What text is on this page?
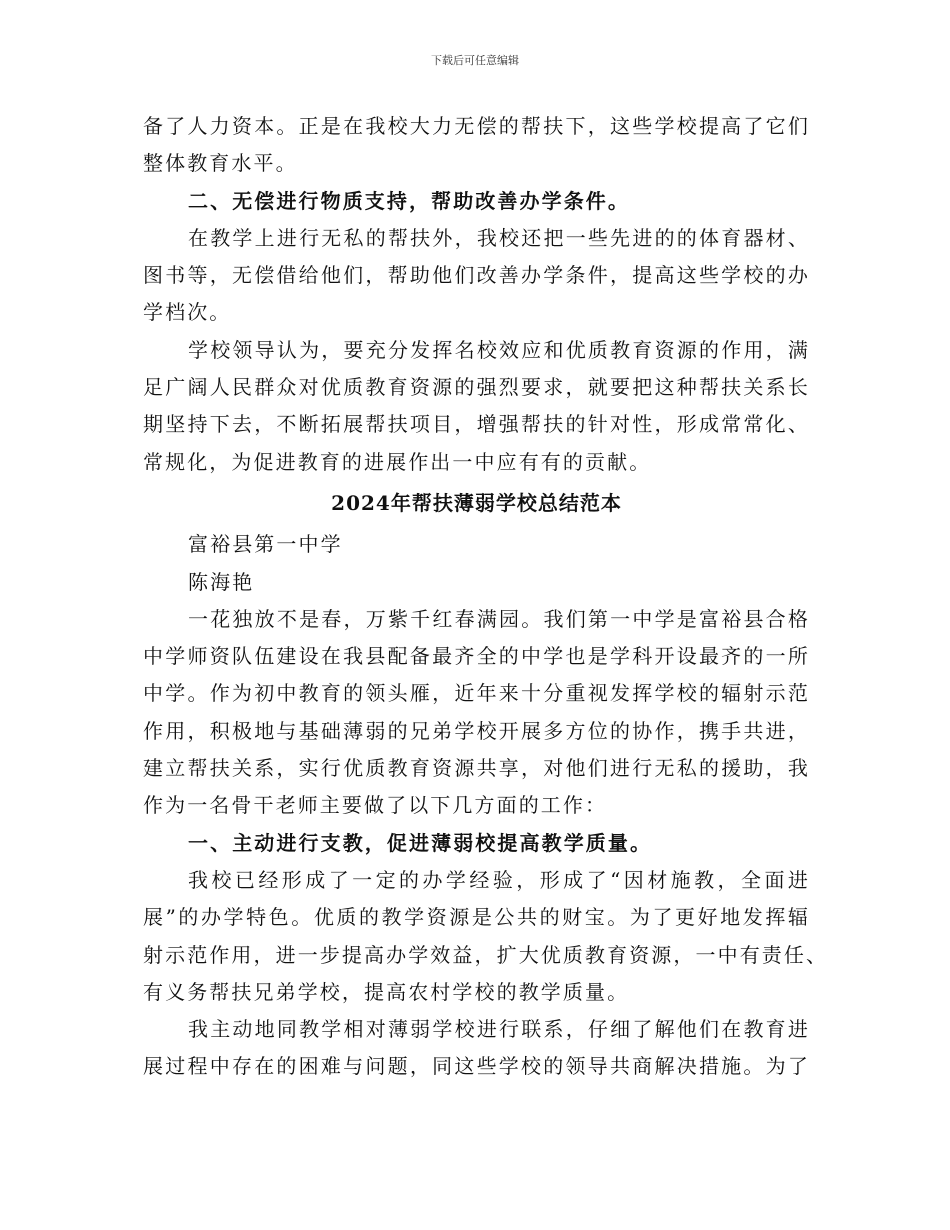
下载后可任意编辑
备了人力资本。正是在我校大力无偿的帮扶下，这些学校提高了它们
整体教育水平。
二、无偿进行物质支持，帮助改善办学条件。
在教学上进行无私的帮扶外，我校还把一些先进的的体育器材、
图书等，无偿借给他们，帮助他们改善办学条件，提高这些学校的办
学档次。
学校领导认为，要充分发挥名校效应和优质教育资源的作用，满
足广阔人民群众对优质教育资源的强烈要求，就要把这种帮扶关系长
期坚持下去，不断拓展帮扶项目，增强帮扶的针对性，形成常常化、
常规化，为促进教育的进展作出一中应有有的贡献。
2024年帮扶薄弱学校总结范本
富裕县第一中学
陈海艳
一花独放不是春，万紫千红春满园。我们第一中学是富裕县合格
中学师资队伍建设在我县配备最齐全的中学也是学科开设最齐的一所
中学。作为初中教育的领头雁，近年来十分重视发挥学校的辐射示范
作用，积极地与基础薄弱的兄弟学校开展多方位的协作，携手共进，
建立帮扶关系，实行优质教育资源共享，对他们进行无私的援助，我
作为一名骨干老师主要做了以下几方面的工作：
一、主动进行支教，促进薄弱校提高教学质量。
我校已经形成了一定的办学经验，形成了“因材施教，全面进
展”的办学特色。优质的教学资源是公共的财宝。为了更好地发挥辐
射示范作用，进一步提高办学效益，扩大优质教育资源，一中有责任、
有义务帮扶兄弟学校，提高农村学校的教学质量。
我主动地同教学相对薄弱学校进行联系，仔细了解他们在教育进
展过程中存在的困难与问题，同这些学校的领导共商解决措施。为了
